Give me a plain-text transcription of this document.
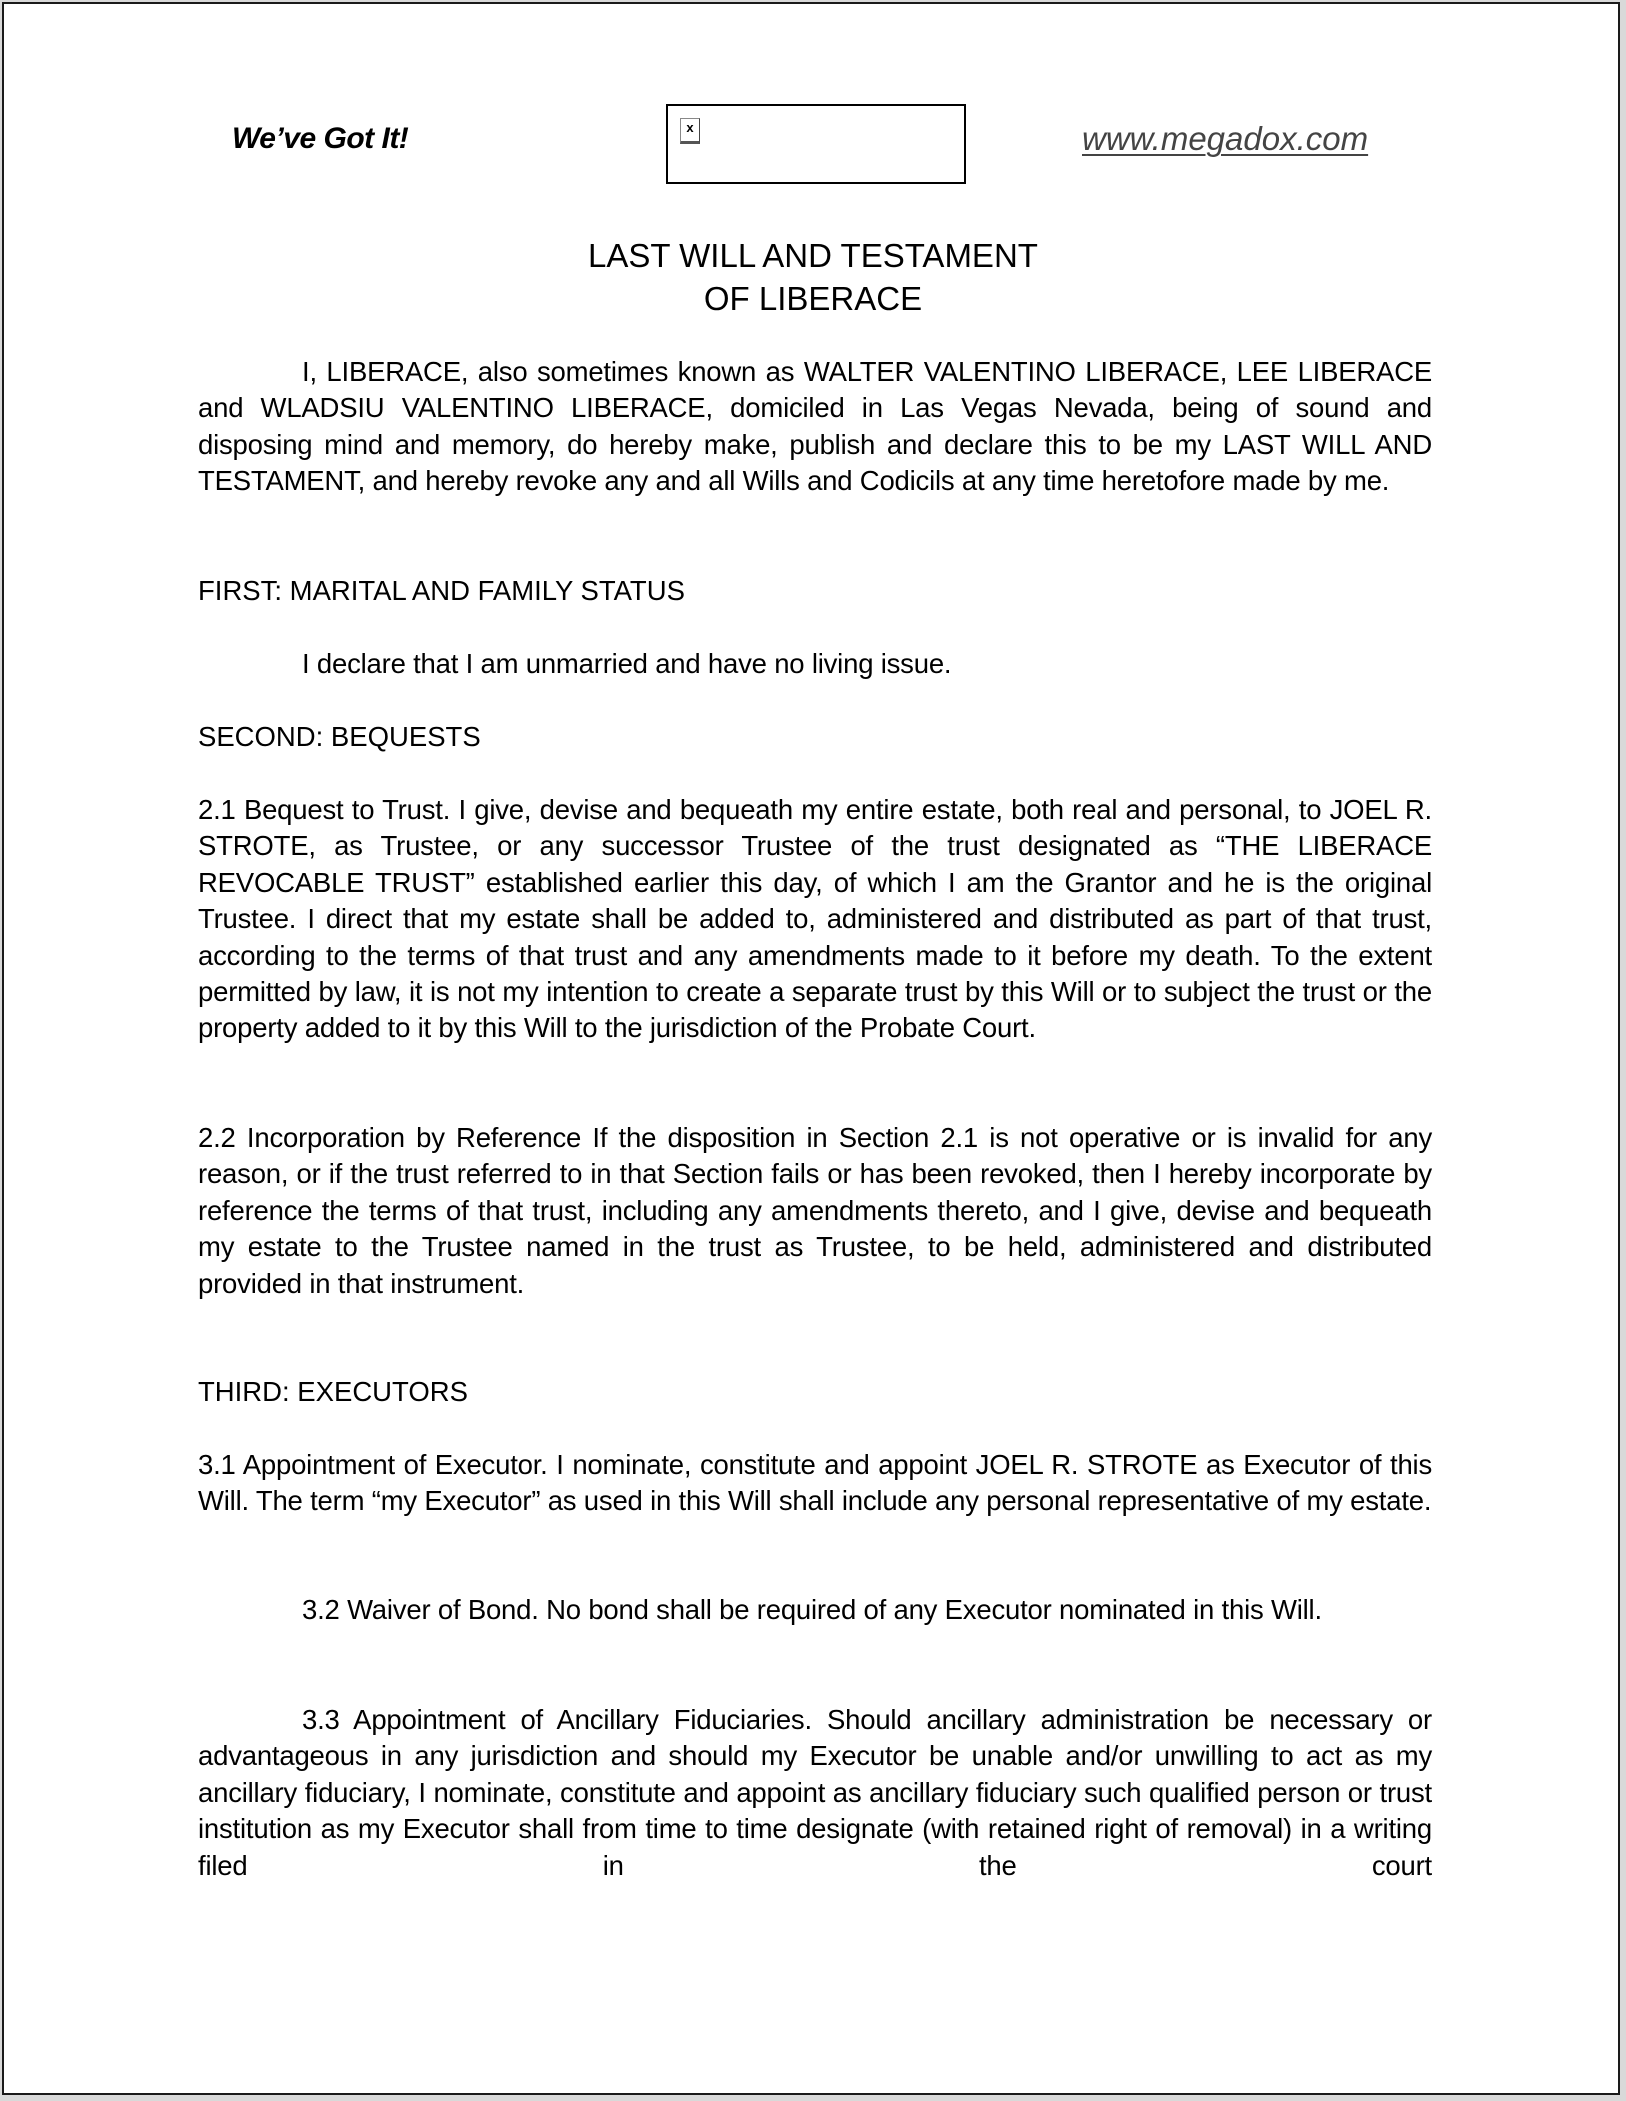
We’ve Got It!	x	www.megadox.com
LAST WILL AND TESTAMENT
OF LIBERACE
I, LIBERACE, also sometimes known as WALTER VALENTINO LIBERACE, LEE LIBERACE and WLADSIU VALENTINO LIBERACE, domiciled in Las Vegas Nevada, being of sound and disposing mind and memory, do hereby make, publish and declare this to be my LAST WILL AND TESTAMENT, and hereby revoke any and all Wills and Codicils at any time heretofore made by me.
FIRST: MARITAL AND FAMILY STATUS
I declare that I am unmarried and have no living issue.
SECOND: BEQUESTS
2.1 Bequest to Trust. I give, devise and bequeath my entire estate, both real and personal, to JOEL R. STROTE, as Trustee, or any successor Trustee of the trust designated as “THE LIBERACE REVOCABLE TRUST” established earlier this day, of which I am the Grantor and he is the original Trustee. I direct that my estate shall be added to, administered and distributed as part of that trust, according to the terms of that trust and any amendments made to it before my death. To the extent permitted by law, it is not my intention to create a separate trust by this Will or to subject the trust or the property added to it by this Will to the jurisdiction of the Probate Court.
2.2 Incorporation by Reference If the disposition in Section 2.1 is not operative or is invalid for any reason, or if the trust referred to in that Section fails or has been revoked, then I hereby incorporate by reference the terms of that trust, including any amendments thereto, and I give, devise and bequeath my estate to the Trustee named in the trust as Trustee, to be held, administered and distributed provided in that instrument.
THIRD: EXECUTORS
3.1 Appointment of Executor. I nominate, constitute and appoint JOEL R. STROTE as Executor of this Will. The term “my Executor” as used in this Will shall include any personal representative of my estate.
3.2 Waiver of Bond. No bond shall be required of any Executor nominated in this Will.
3.3 Appointment of Ancillary Fiduciaries. Should ancillary administration be necessary or advantageous in any jurisdiction and should my Executor be unable and/or unwilling to act as my ancillary fiduciary, I nominate, constitute and appoint as ancillary fiduciary such qualified person or trust institution as my Executor shall from time to time designate (with retained right of removal) in a writing filed in the court
